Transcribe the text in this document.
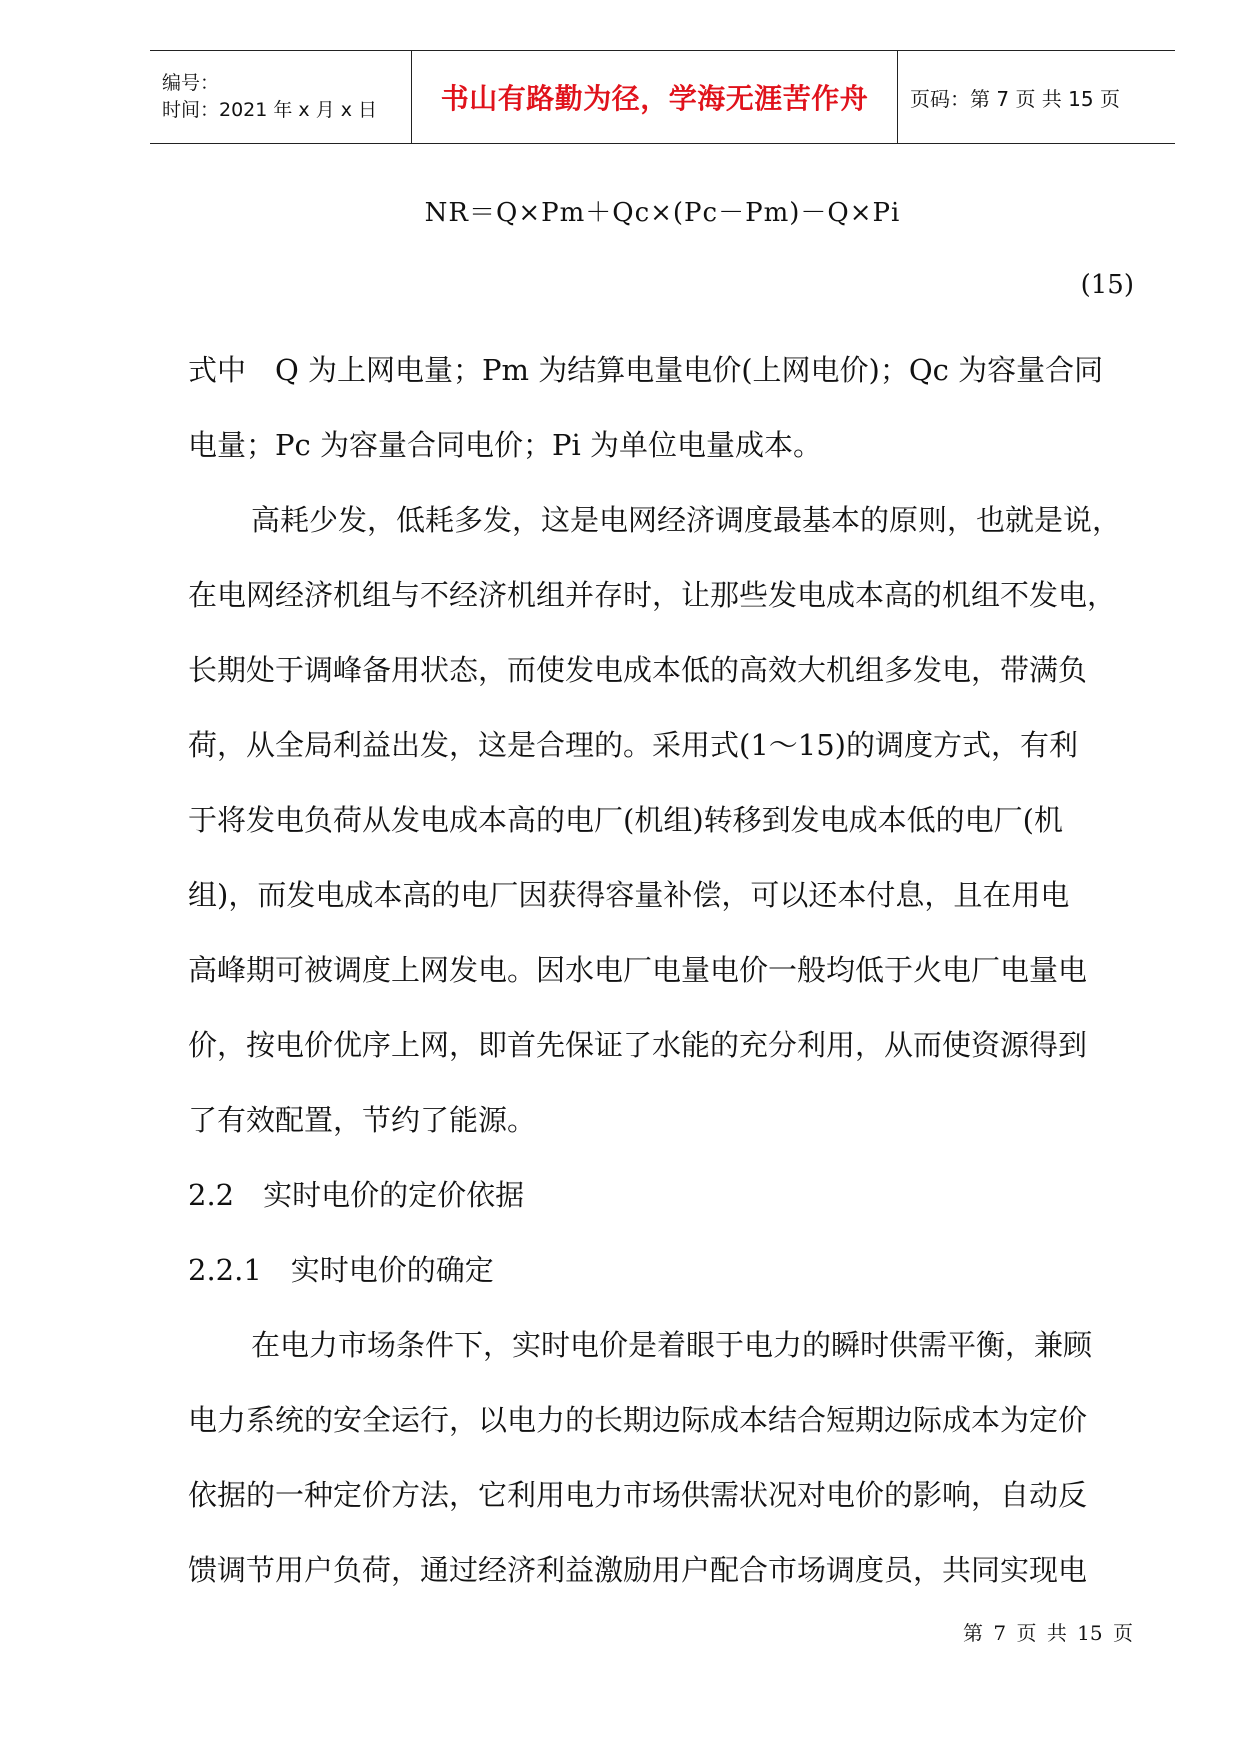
编号：
时间：2021 年 x 月 x 日	书山有路勤为径，学海无涯苦作舟 页码：第 7 页 共 15 页
NR＝Q×Pm＋Qc×(Pc－Pm)－Q×Pi
(15)
式中　Q 为上网电量；Pm 为结算电量电价(上网电价)；Qc 为容量合同
电量；Pc 为容量合同电价；Pi 为单位电量成本。
高耗少发，低耗多发，这是电网经济调度最基本的原则，也就是说，
在电网经济机组与不经济机组并存时，让那些发电成本高的机组不发电，
长期处于调峰备用状态，而使发电成本低的高效大机组多发电，带满负
荷，从全局利益出发，这是合理的。采用式(1～15)的调度方式，有利
于将发电负荷从发电成本高的电厂(机组)转移到发电成本低的电厂(机
组)，而发电成本高的电厂因获得容量补偿，可以还本付息，且在用电
高峰期可被调度上网发电。因水电厂电量电价一般均低于火电厂电量电
价，按电价优序上网，即首先保证了水能的充分利用，从而使资源得到
了有效配置，节约了能源。
2.2　实时电价的定价依据
2.2.1　实时电价的确定
在电力市场条件下，实时电价是着眼于电力的瞬时供需平衡，兼顾
电力系统的安全运行，以电力的长期边际成本结合短期边际成本为定价
依据的一种定价方法，它利用电力市场供需状况对电价的影响，自动反
馈调节用户负荷，通过经济利益激励用户配合市场调度员，共同实现电
第 7 页 共 15 页
